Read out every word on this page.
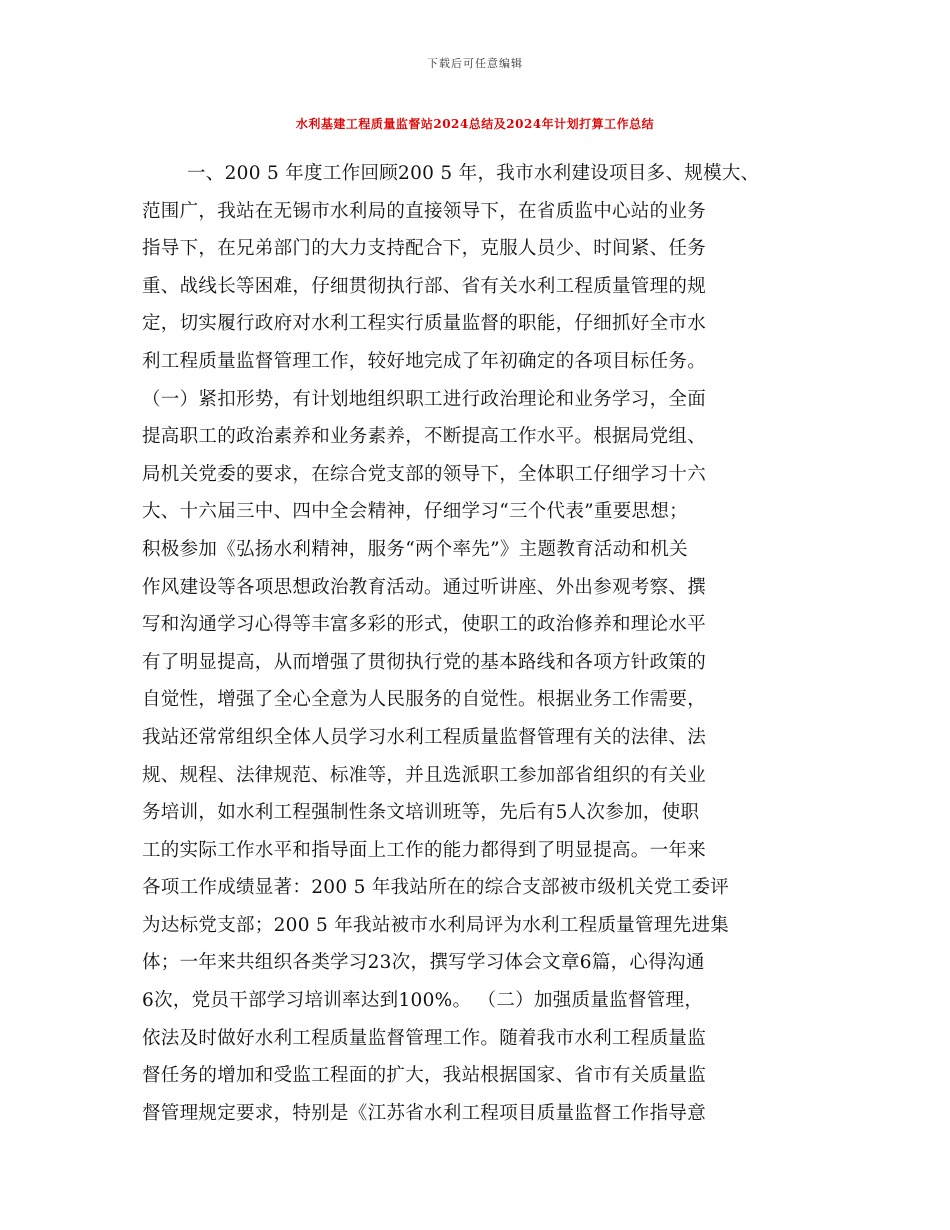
下载后可任意编辑
水利基建工程质量监督站2024总结及2024年计划打算工作总结
一、200 5 年度工作回顾200 5 年，我市水利建设项目多、规模大、
范围广，我站在无锡市水利局的直接领导下，在省质监中心站的业务
指导下，在兄弟部门的大力支持配合下，克服人员少、时间紧、任务
重、战线长等困难，仔细贯彻执行部、省有关水利工程质量管理的规
定，切实履行政府对水利工程实行质量监督的职能，仔细抓好全市水
利工程质量监督管理工作，较好地完成了年初确定的各项目标任务。
（一）紧扣形势，有计划地组织职工进行政治理论和业务学习，全面
提高职工的政治素养和业务素养，不断提高工作水平。根据局党组、
局机关党委的要求，在综合党支部的领导下，全体职工仔细学习十六
大、十六届三中、四中全会精神，仔细学习“三个代表”重要思想；
积极参加《弘扬水利精神，服务“两个率先”》主题教育活动和机关
作风建设等各项思想政治教育活动。通过听讲座、外出参观考察、撰
写和沟通学习心得等丰富多彩的形式，使职工的政治修养和理论水平
有了明显提高，从而增强了贯彻执行党的基本路线和各项方针政策的
自觉性，增强了全心全意为人民服务的自觉性。根据业务工作需要，
我站还常常组织全体人员学习水利工程质量监督管理有关的法律、法
规、规程、法律规范、标准等，并且选派职工参加部省组织的有关业
务培训，如水利工程强制性条文培训班等，先后有5人次参加，使职
工的实际工作水平和指导面上工作的能力都得到了明显提高。一年来
各项工作成绩显著：200 5 年我站所在的综合支部被市级机关党工委评
为达标党支部；200 5 年我站被市水利局评为水利工程质量管理先进集
体；一年来共组织各类学习23次，撰写学习体会文章6篇，心得沟通
6次，党员干部学习培训率达到100%。 （二）加强质量监督管理，
依法及时做好水利工程质量监督管理工作。随着我市水利工程质量监
督任务的增加和受监工程面的扩大，我站根据国家、省市有关质量监
督管理规定要求，特别是《江苏省水利工程项目质量监督工作指导意
